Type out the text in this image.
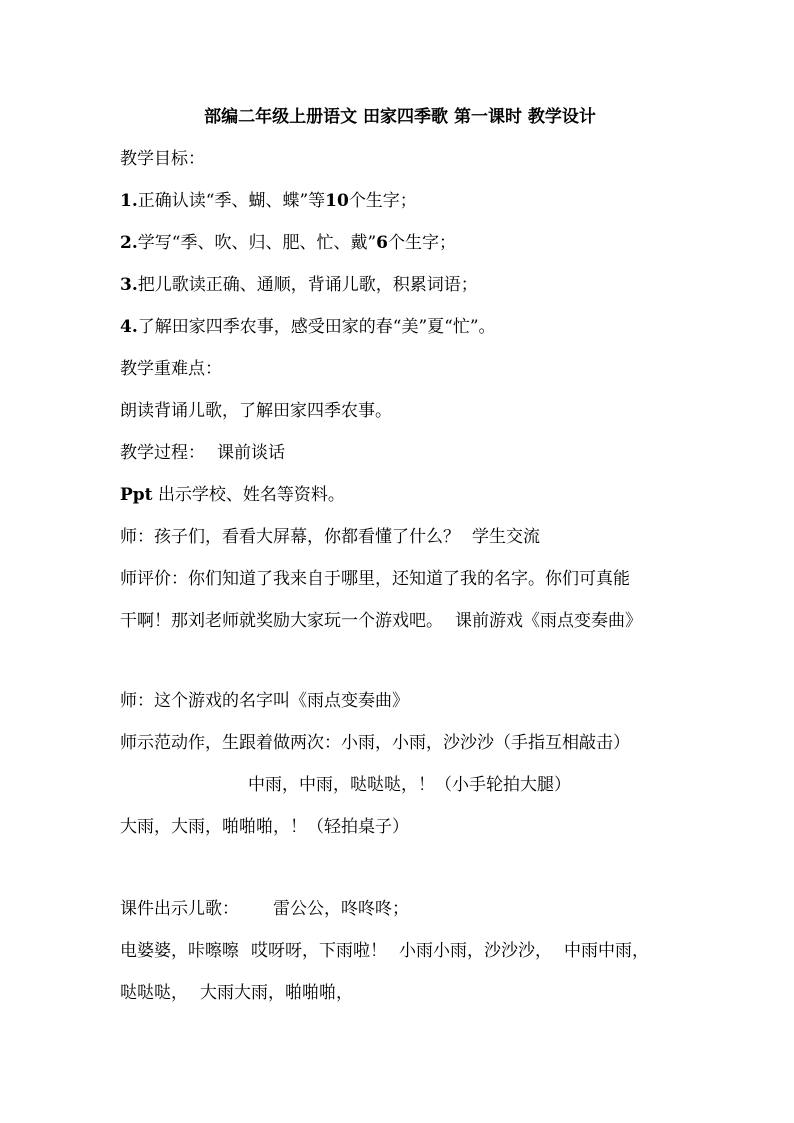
部编二年级上册语文 田家四季歌 第一课时 教学设计
教学目标：
1.正确认读“季、蝴、蝶”等10个生字；
2.学写“季、吹、归、肥、忙、戴”6个生字；
3.把儿歌读正确、通顺，背诵儿歌，积累词语；
4.了解田家四季农事，感受田家的春“美”夏“忙”。
教学重难点：
朗读背诵儿歌，了解田家四季农事。
教学过程： 课前谈话
Ppt 出示学校、姓名等资料。
师：孩子们，看看大屏幕，你都看懂了什么？ 学生交流
师评价：你们知道了我来自于哪里，还知道了我的名字。你们可真能
干啊！那刘老师就奖励大家玩一个游戏吧。 课前游戏《雨点变奏曲》
师：这个游戏的名字叫《雨点变奏曲》
师示范动作，生跟着做两次：小雨，小雨，沙沙沙（手指互相敲击）
中雨，中雨，哒哒哒，！（小手轮拍大腿）
大雨，大雨，啪啪啪，！（轻拍桌子）
课件出示儿歌： 雷公公，咚咚咚；
电婆婆，咔嚓嚓 哎呀呀，下雨啦！ 小雨小雨，沙沙沙， 中雨中雨，
哒哒哒， 大雨大雨，啪啪啪，
